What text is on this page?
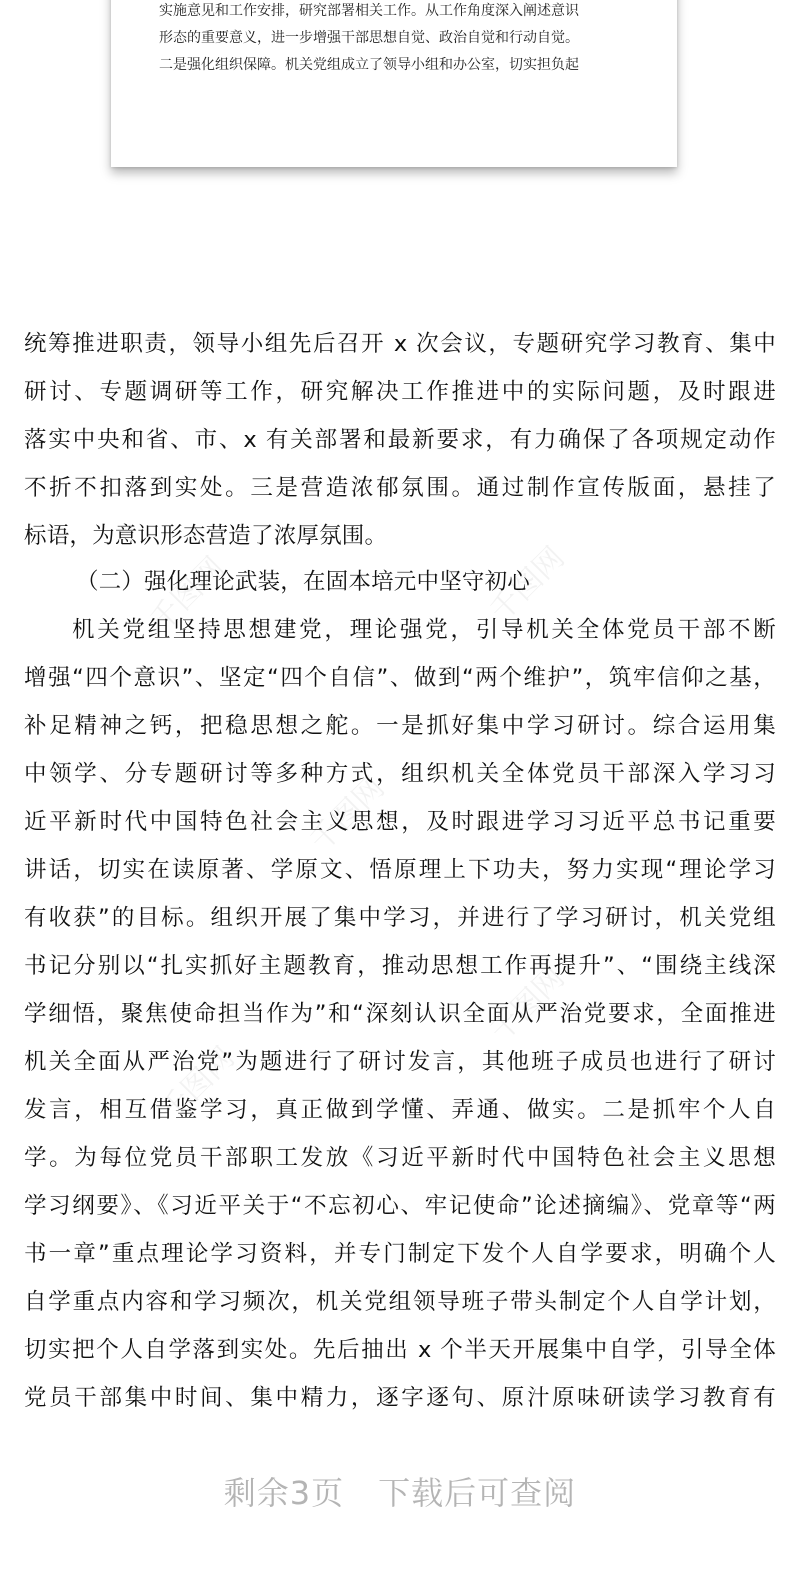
实施意见和工作安排，研究部署相关工作。从工作角度深入阐述意识
形态的重要意义，进一步增强干部思想自觉、政治自觉和行动自觉。
二是强化组织保障。机关党组成立了领导小组和办公室，切实担负起
千图网	千图网
千图网
千图网
千图网
统筹推进职责，领导小组先后召开 x 次会议，专题研究学习教育、集中
研讨、专题调研等工作，研究解决工作推进中的实际问题，及时跟进
落实中央和省、市、x 有关部署和最新要求，有力确保了各项规定动作
不折不扣落到实处。三是营造浓郁氛围。通过制作宣传版面，悬挂了
标语，为意识形态营造了浓厚氛围。
（二）强化理论武装，在固本培元中坚守初心
机关党组坚持思想建党，理论强党，引导机关全体党员干部不断
增强“四个意识”、坚定“四个自信”、做到“两个维护”，筑牢信仰之基，
补足精神之钙，把稳思想之舵。一是抓好集中学习研讨。综合运用集
中领学、分专题研讨等多种方式，组织机关全体党员干部深入学习习
近平新时代中国特色社会主义思想，及时跟进学习习近平总书记重要
讲话，切实在读原著、学原文、悟原理上下功夫，努力实现“理论学习
有收获”的目标。组织开展了集中学习，并进行了学习研讨，机关党组
书记分别以“扎实抓好主题教育，推动思想工作再提升”、“围绕主线深
学细悟，聚焦使命担当作为”和“深刻认识全面从严治党要求，全面推进
机关全面从严治党”为题进行了研讨发言，其他班子成员也进行了研讨
发言，相互借鉴学习，真正做到学懂、弄通、做实。二是抓牢个人自
学。为每位党员干部职工发放《习近平新时代中国特色社会主义思想
学习纲要》、《习近平关于“不忘初心、牢记使命”论述摘编》、党章等“两
书一章”重点理论学习资料，并专门制定下发个人自学要求，明确个人
自学重点内容和学习频次，机关党组领导班子带头制定个人自学计划，
切实把个人自学落到实处。先后抽出 x 个半天开展集中自学，引导全体
党员干部集中时间、集中精力，逐字逐句、原汁原味研读学习教育有
剩余3页 下载后可查阅
